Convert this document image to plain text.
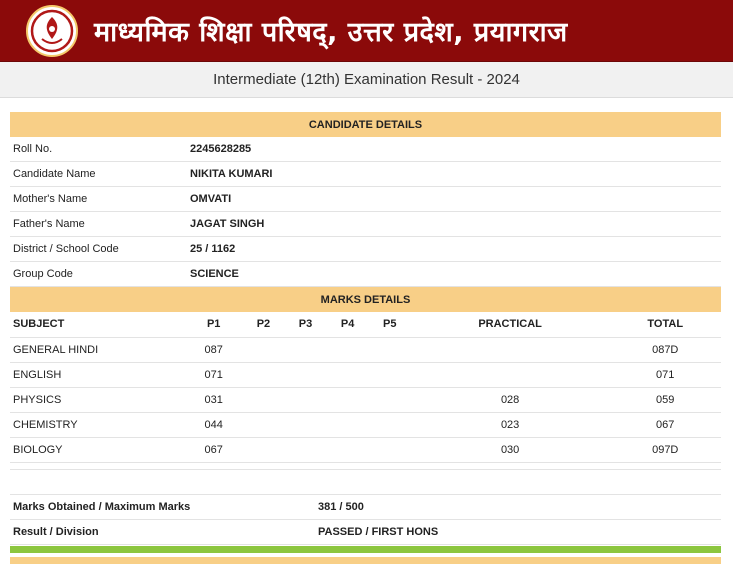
माध्यमिक शिक्षा परिषद्, उत्तर प्रदेश, प्रयागराज
Intermediate (12th) Examination Result - 2024
CANDIDATE DETAILS
Roll No.	2245628285
Candidate Name	NIKITA KUMARI
Mother's Name	OMVATI
Father's Name	JAGAT SINGH
District / School Code	25 / 1162
Group Code	SCIENCE
MARKS DETAILS
SUBJECT	P1	P2	P3	P4	P5	PRACTICAL	TOTAL
GENERAL HINDI	087						087D
ENGLISH	071						071
PHYSICS	031					028	059
CHEMISTRY	044					023	067
BIOLOGY	067					030	097D
Marks Obtained / Maximum Marks	381 / 500
Result / Division	PASSED / FIRST HONS
